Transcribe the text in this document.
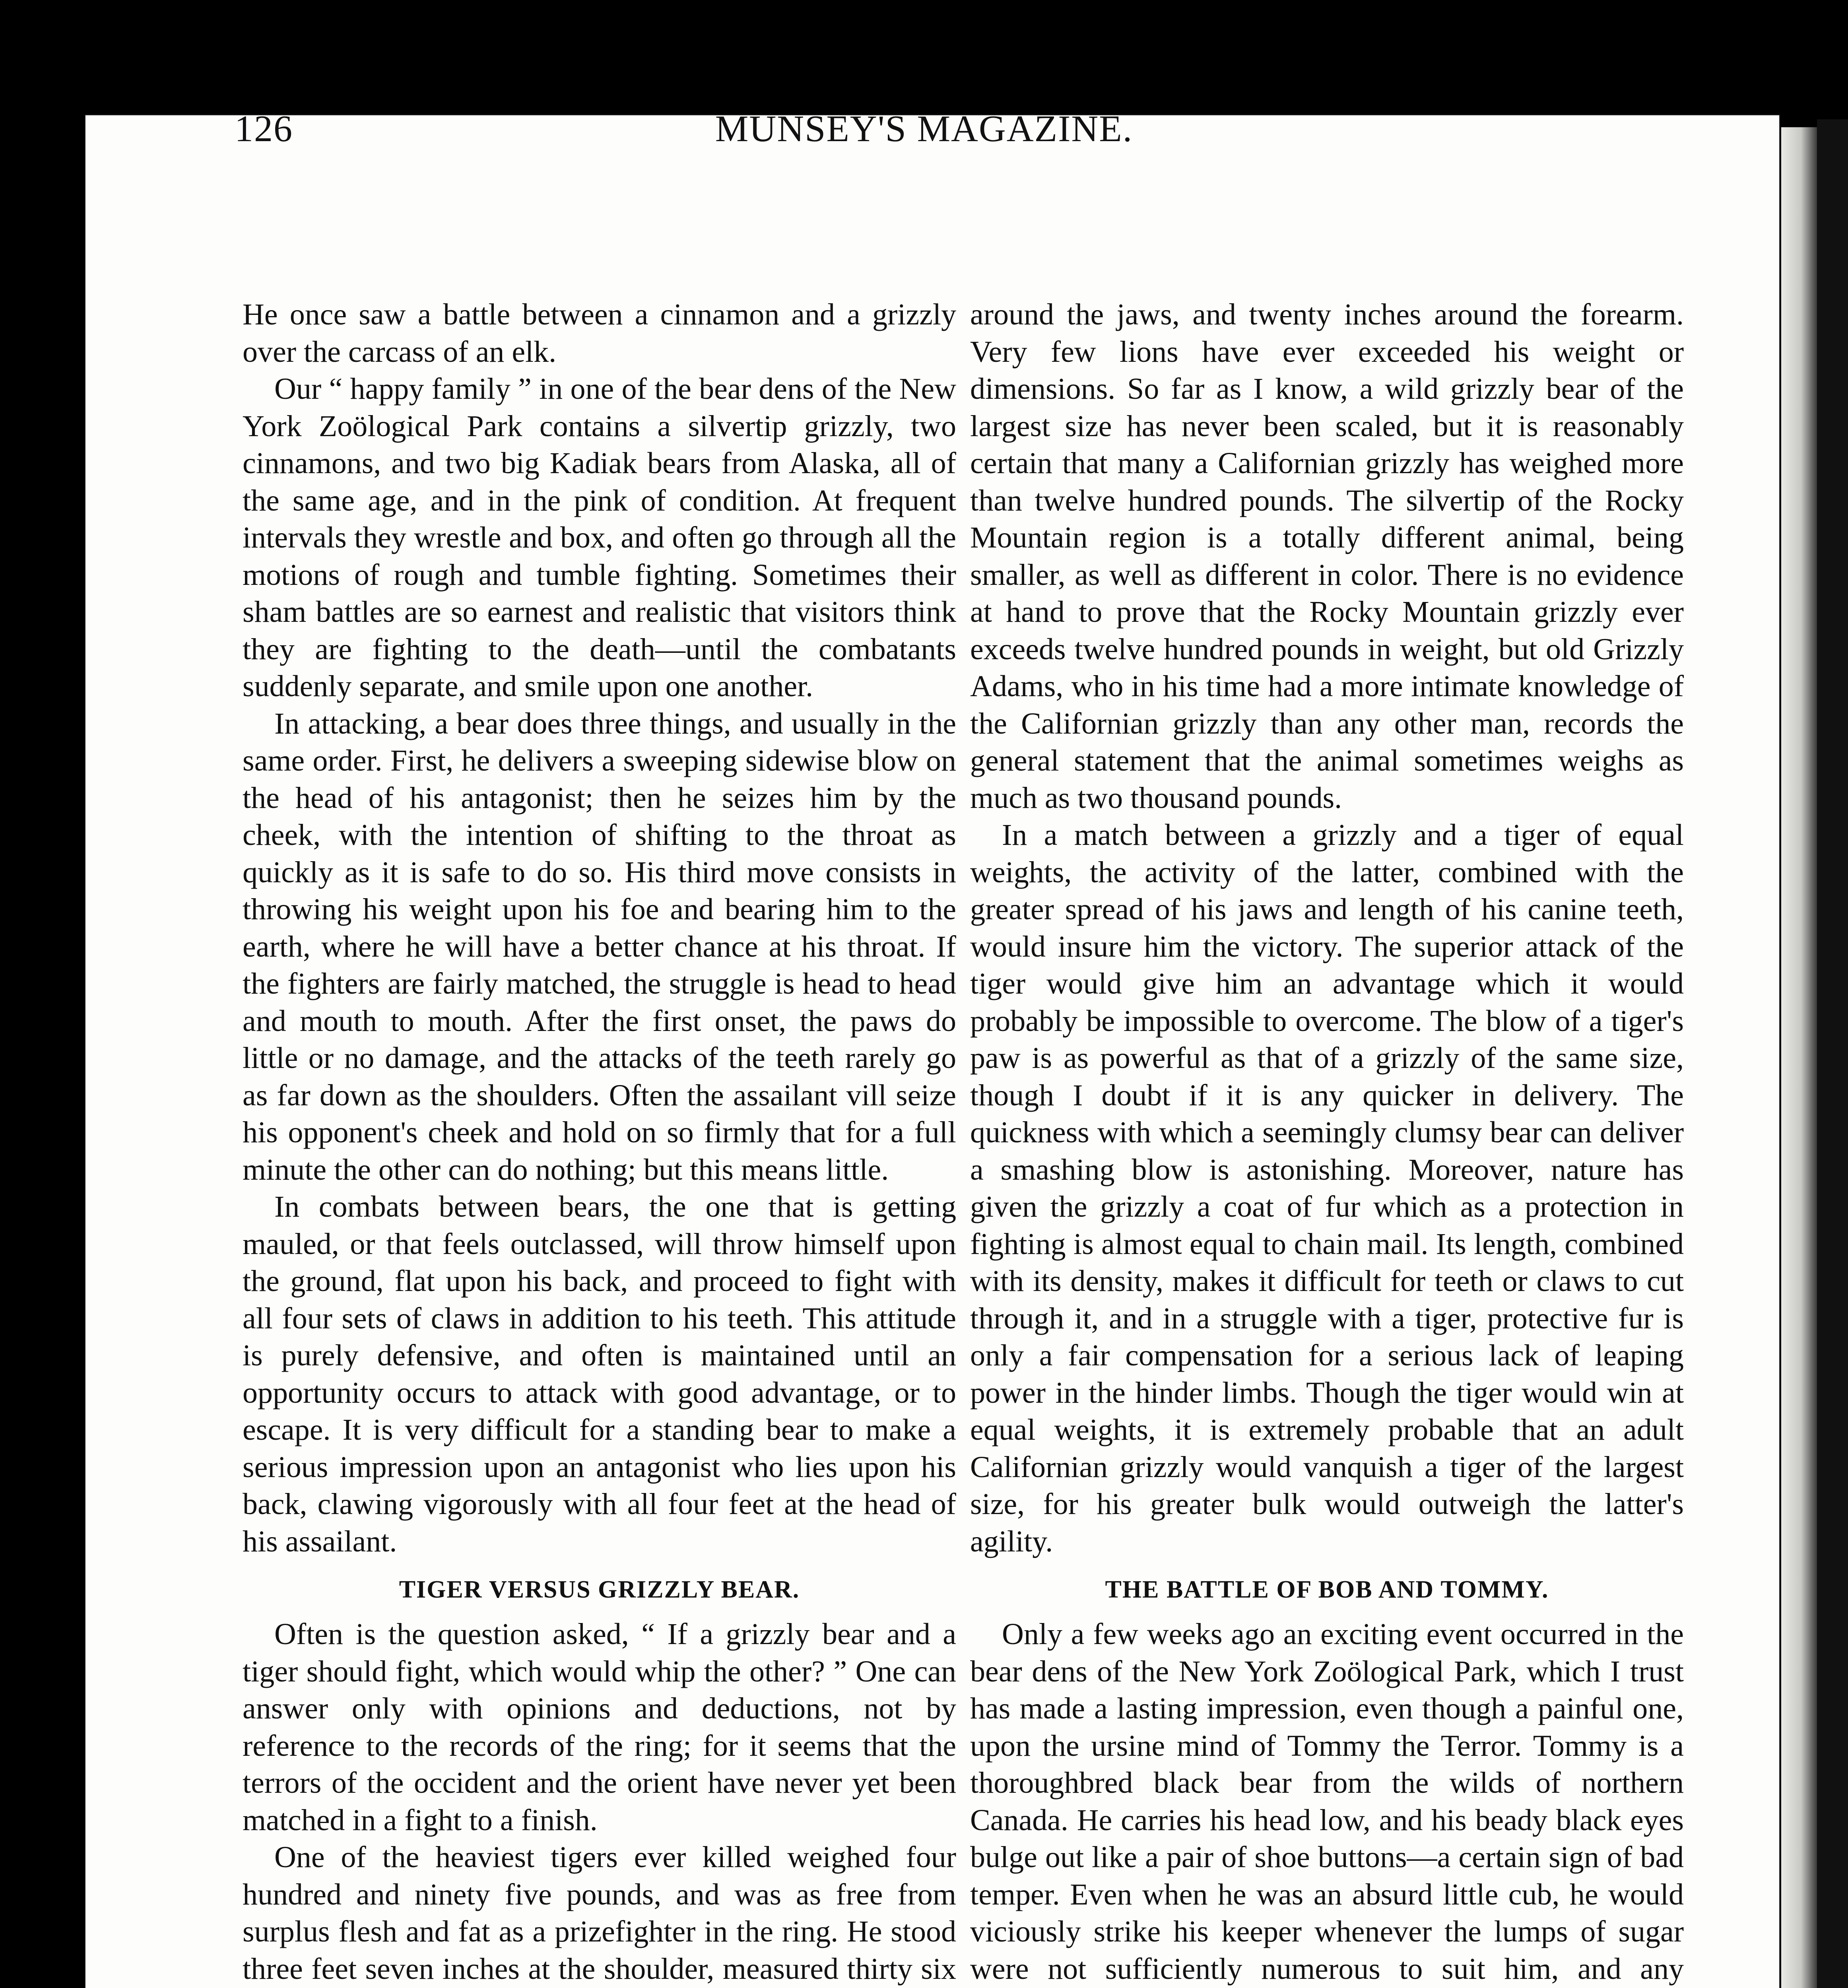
126	MUNSEY'S MAGAZINE.

He once saw a battle between a cinnamon and a grizzly over the carcass of an elk.

Our “ happy family ” in one of the bear dens of the New York Zoölogical Park contains a silvertip grizzly, two cinnamons, and two big Kadiak bears from Alaska, all of the same age, and in the pink of condition. At frequent intervals they wrestle and box, and often go through all the motions of rough and tumble fighting. Sometimes their sham battles are so earnest and realistic that visitors think they are fighting to the death—until the combatants suddenly separate, and smile upon one another.

In attacking, a bear does three things, and usually in the same order. First, he delivers a sweeping sidewise blow on the head of his antagonist; then he seizes him by the cheek, with the intention of shifting to the throat as quickly as it is safe to do so. His third move consists in throwing his weight upon his foe and bearing him to the earth, where he will have a better chance at his throat. If the fighters are fairly matched, the struggle is head to head and mouth to mouth. After the first onset, the paws do little or no damage, and the attacks of the teeth rarely go as far down as the shoulders. Often the assailant vill seize his opponent's cheek and hold on so firmly that for a full minute the other can do nothing; but this means little.

In combats between bears, the one that is getting mauled, or that feels outclassed, will throw himself upon the ground, flat upon his back, and proceed to fight with all four sets of claws in addition to his teeth. This attitude is purely defensive, and often is maintained until an opportunity occurs to attack with good advantage, or to escape. It is very difficult for a standing bear to make a serious impression upon an antagonist who lies upon his back, clawing vigorously with all four feet at the head of his assailant.

TIGER VERSUS GRIZZLY BEAR.

Often is the question asked, “ If a grizzly bear and a tiger should fight, which would whip the other? ” One can answer only with opinions and deductions, not by reference to the records of the ring; for it seems that the terrors of the occident and the orient have never yet been matched in a fight to a finish.

One of the heaviest tigers ever killed weighed four hundred and ninety five pounds, and was as free from surplus flesh and fat as a prizefighter in the ring. He stood three feet seven inches at the shoulder, measured thirty six

around the jaws, and twenty inches around the forearm. Very few lions have ever exceeded his weight or dimensions. So far as I know, a wild grizzly bear of the largest size has never been scaled, but it is reasonably certain that many a Californian grizzly has weighed more than twelve hundred pounds. The silvertip of the Rocky Mountain region is a totally different animal, being smaller, as well as different in color. There is no evidence at hand to prove that the Rocky Mountain grizzly ever exceeds twelve hundred pounds in weight, but old Grizzly Adams, who in his time had a more intimate knowledge of the Californian grizzly than any other man, records the general statement that the animal sometimes weighs as much as two thousand pounds.

In a match between a grizzly and a tiger of equal weights, the activity of the latter, combined with the greater spread of his jaws and length of his canine teeth, would insure him the victory. The superior attack of the tiger would give him an advantage which it would probably be impossible to overcome. The blow of a tiger's paw is as powerful as that of a grizzly of the same size, though I doubt if it is any quicker in delivery. The quickness with which a seemingly clumsy bear can deliver a smashing blow is astonishing. Moreover, nature has given the grizzly a coat of fur which as a protection in fighting is almost equal to chain mail. Its length, combined with its density, makes it difficult for teeth or claws to cut through it, and in a struggle with a tiger, protective fur is only a fair compensation for a serious lack of leaping power in the hinder limbs. Though the tiger would win at equal weights, it is extremely probable that an adult Californian grizzly would vanquish a tiger of the largest size, for his greater bulk would outweigh the latter's agility.

THE BATTLE OF BOB AND TOMMY.

Only a few weeks ago an exciting event occurred in the bear dens of the New York Zoölogical Park, which I trust has made a lasting impression, even though a painful one, upon the ursine mind of Tommy the Terror. Tommy is a thoroughbred black bear from the wilds of northern Canada. He carries his head low, and his beady black eyes bulge out like a pair of shoe buttons—a certain sign of bad temper. Even when he was an absurd little cub, he would viciously strike his keeper whenever the lumps of sugar were not sufficiently numerous to suit him, and any
